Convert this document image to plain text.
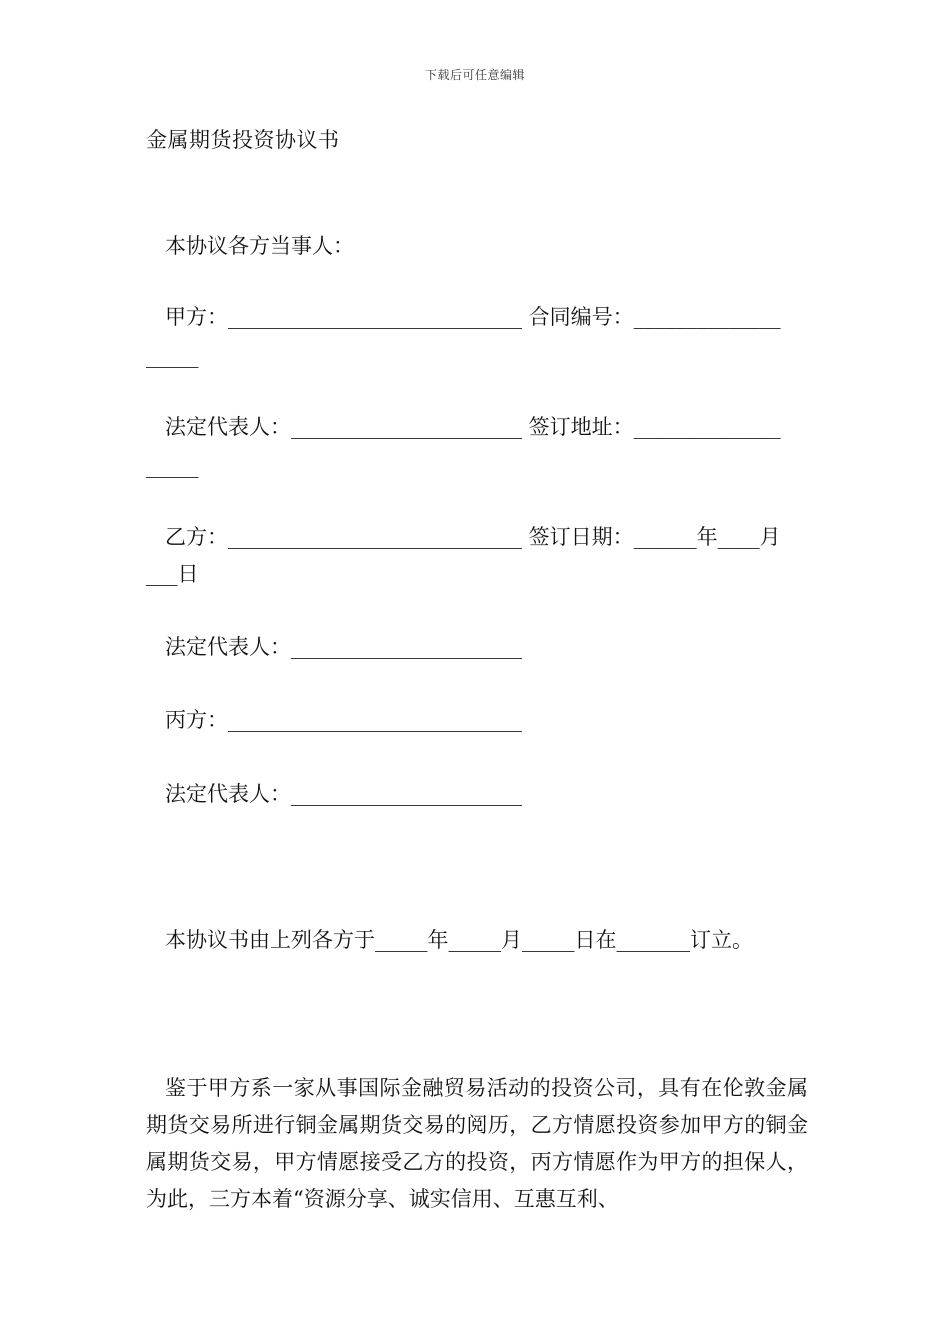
下载后可任意编辑
金属期货投资协议书
本协议各方当事人：
甲方：____________________________ 合同编号：______________
_____
法定代表人：______________________ 签订地址：______________
_____
乙方：____________________________ 签订日期：______年____月
___日
法定代表人：______________________
丙方：____________________________
法定代表人：______________________
本协议书由上列各方于_____年_____月_____日在_______订立。
鉴于甲方系一家从事国际金融贸易活动的投资公司，具有在伦敦金属期货交易所进行铜金属期货交易的阅历，乙方情愿投资参加甲方的铜金属期货交易，甲方情愿接受乙方的投资，丙方情愿作为甲方的担保人，为此，三方本着“资源分享、诚实信用、互惠互利、
